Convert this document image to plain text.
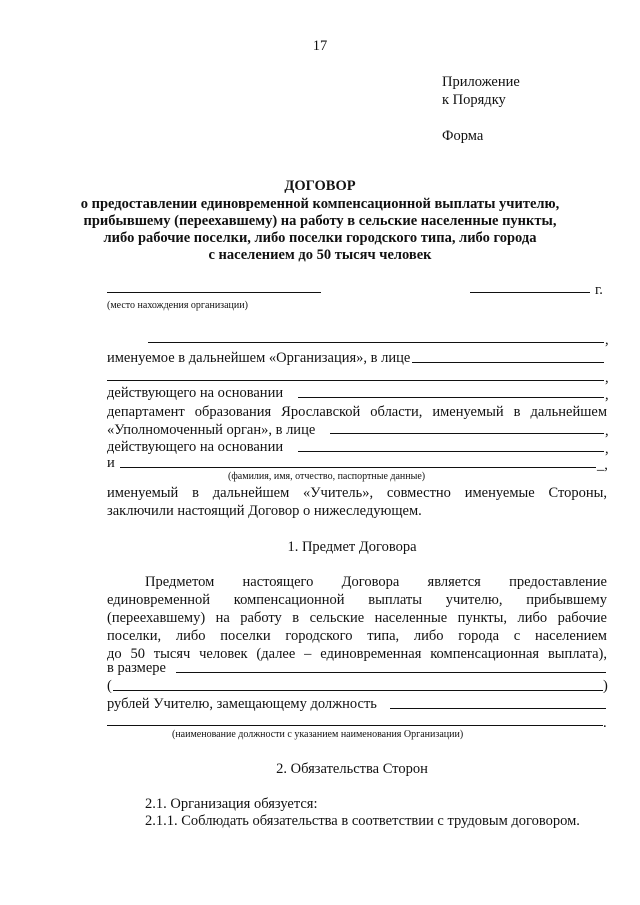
17
Приложение
к Порядку
Форма
ДОГОВОР
о предоставлении единовременной компенсационной выплаты учителю,
прибывшему (переехавшему) на работу в сельские населенные пункты,
либо рабочие поселки, либо поселки городского типа, либо города
с населением до 50 тысяч человек
г.
(место нахождения организации)
,
именуемое в дальнейшем «Организация», в лице
,
действующего на основании	,
департамент образования Ярославской области, именуемый в дальнейшем
«Уполномоченный орган», в лице	,
действующего на основании	,
и	_,
(фамилия, имя, отчество, паспортные данные)
именуемый в дальнейшем «Учитель», совместно именуемые Стороны,
заключили настоящий Договор о нижеследующем.
1. Предмет Договора
Предметом настоящего Договора является предоставление
единовременной компенсационной выплаты учителю, прибывшему
(переехавшему) на работу в сельские населенные пункты, либо рабочие
поселки, либо поселки городского типа, либо города с населением
до 50 тысяч человек (далее – единовременная компенсационная выплата),
в размере
(	)
рублей Учителю, замещающему должность
.
(наименование должности с указанием наименования Организации)
2. Обязательства Сторон
2.1. Организация обязуется:
2.1.1. Соблюдать обязательства в соответствии с трудовым договором.
